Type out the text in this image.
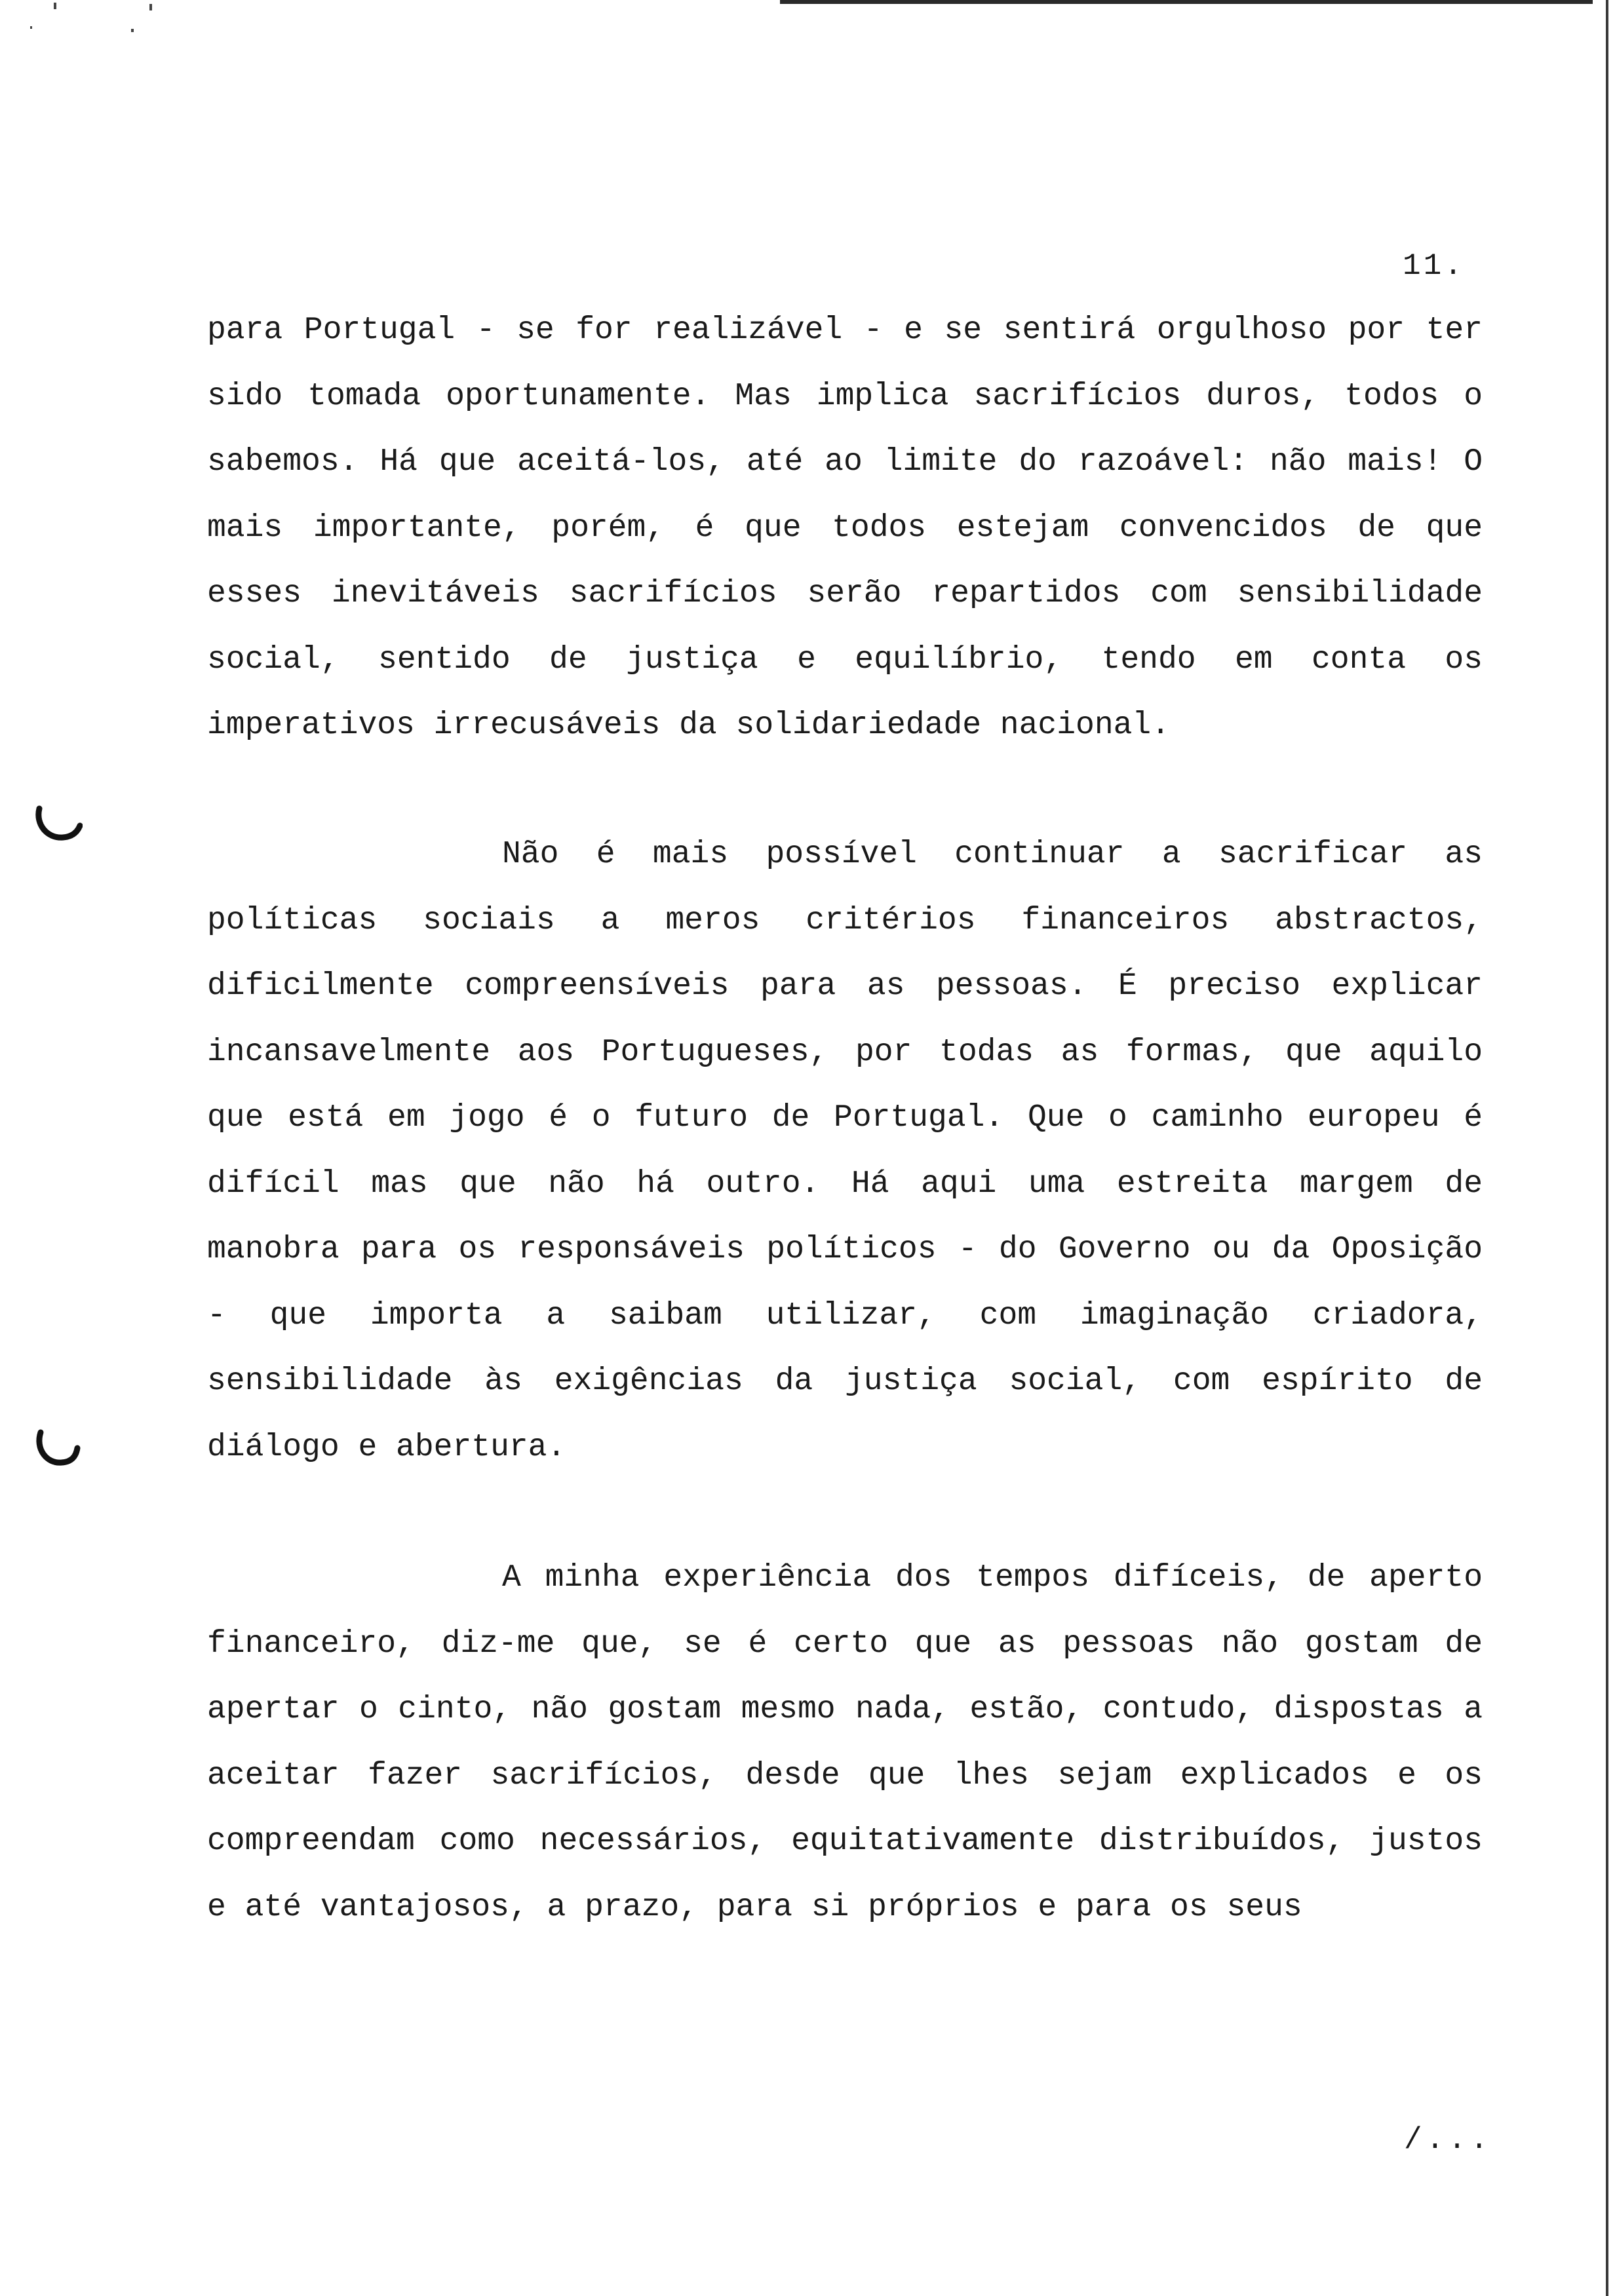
11.

para Portugal - se for realizável - e se sentirá orgulhoso por ter sido tomada oportunamente. Mas implica sacrifícios duros, todos o sabemos. Há que aceitá-los, até ao limite do razoável: não mais! O mais importante, porém, é que todos estejam convencidos de que esses inevitáveis sacrifícios serão repartidos com sensibilidade social, sentido de justiça e equilíbrio, tendo em conta os imperativos irrecusáveis da solidariedade nacional.

Não é mais possível continuar a sacrificar as políticas sociais a meros critérios financeiros abstractos, dificilmente compreensíveis para as pessoas. É preciso explicar incansavelmente aos Portugueses, por todas as formas, que aquilo que está em jogo é o futuro de Portugal. Que o caminho europeu é difícil mas que não há outro. Há aqui uma estreita margem de manobra para os responsáveis políticos - do Governo ou da Oposição - que importa a saibam utilizar, com imaginação criadora, sensibilidade às exigências da justiça social, com espírito de diálogo e abertura.

A minha experiência dos tempos difíceis, de aperto financeiro, diz-me que, se é certo que as pessoas não gostam de apertar o cinto, não gostam mesmo nada, estão, contudo, dispostas a aceitar fazer sacrifícios, desde que lhes sejam explicados e os compreendam como necessários, equitativamente distribuídos, justos e até vantajosos, a prazo, para si próprios e para os seus

/...
